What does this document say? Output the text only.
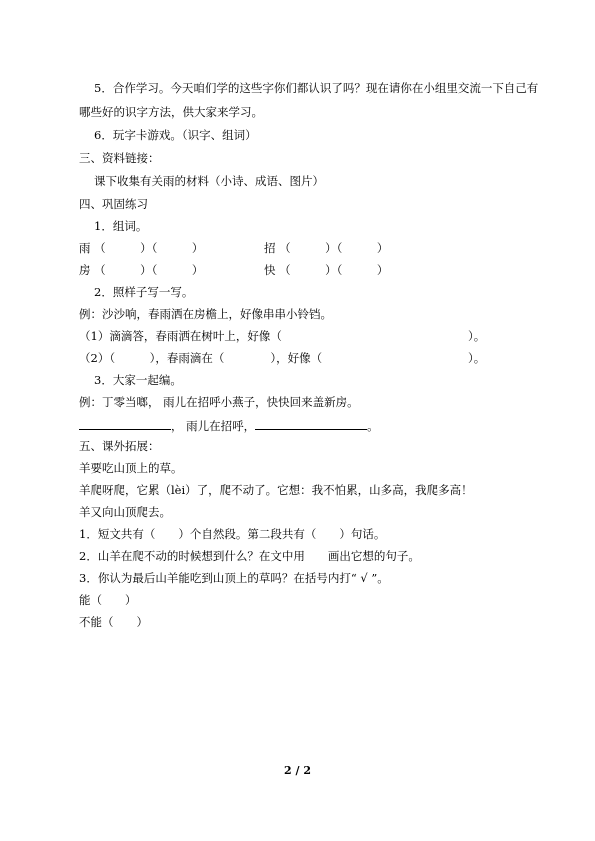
5．合作学习。今天咱们学的这些字你们都认识了吗？现在请你在小组里交流一下自己有
哪些好的识字方法，供大家来学习。
6．玩字卡游戏。（识字、组词）
三、资料链接：
课下收集有关雨的材料（小诗、成语、图片）
四、巩固练习
1．组词。
雨 （　　　）（　　　）	招 （　　　）（　　　）
房 （　　　）（　　　）	快 （　　　）（　　　）
2．照样子写一写。
例：沙沙响，春雨洒在房檐上，好像串串小铃铛。
（1）滴滴答，春雨洒在树叶上，好像（	）。
（2）（　　　），春雨滴在（　　　　），好像（	）。
3．大家一起编。
例：丁零当啷， 雨儿在招呼小燕子，快快回来盖新房。
， 雨儿在招呼，	。
五、课外拓展：
羊要吃山顶上的草。
羊爬呀爬，它累（lèi）了，爬不动了。它想：我不怕累，山多高，我爬多高！
羊又向山顶爬去。
1．短文共有（　　）个自然段。第二段共有（　　）句话。
2．山羊在爬不动的时候想到什么？在文中用　　画出它想的句子。
3．你认为最后山羊能吃到山顶上的草吗？在括号内打“ √ ”。
能（　　）
不能（　　）
2 / 2
